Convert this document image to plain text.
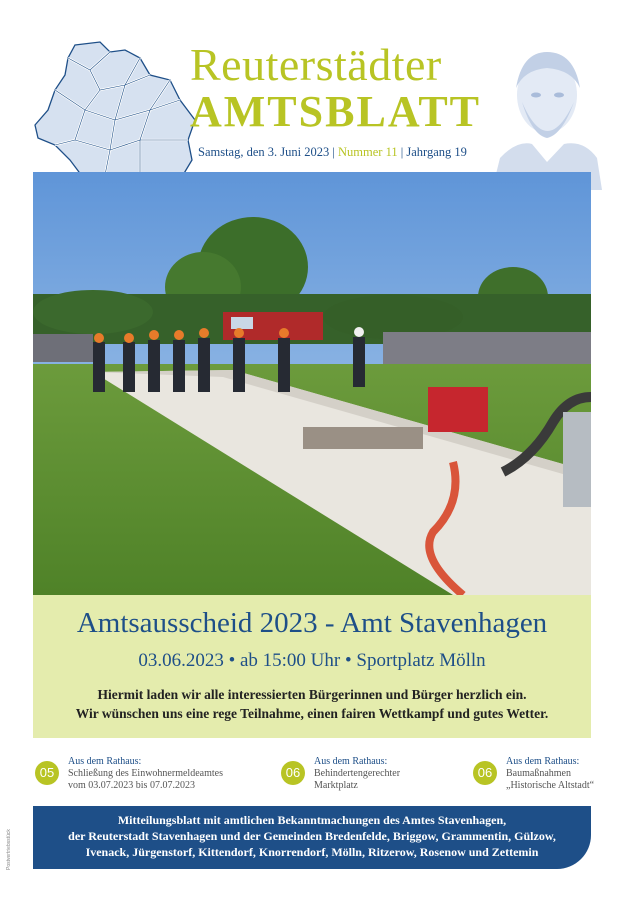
Reuterstädter
AMTSBLATT
Samstag, den 3. Juni 2023 | Nummer 11 | Jahrgang 19
Amtsausscheid 2023 - Amt Stavenhagen
03.06.2023 • ab 15:00 Uhr • Sportplatz Mölln
Hiermit laden wir alle interessierten Bürgerinnen und Bürger herzlich ein.
Wir wünschen uns eine rege Teilnahme, einen fairen Wettkampf und gutes Wetter.
05
Aus dem Rathaus:
Schließung des Einwohnermeldeamtes
vom 03.07.2023 bis 07.07.2023
06
Aus dem Rathaus:
Behindertengerechter
Marktplatz
06
Aus dem Rathaus:
Baumaßnahmen
„Historische Altstadt“
Mitteilungsblatt mit amtlichen Bekanntmachungen des Amtes Stavenhagen,
der Reuterstadt Stavenhagen und der Gemeinden Bredenfelde, Briggow, Grammentin, Gülzow,
Ivenack, Jürgenstorf, Kittendorf, Knorrendorf, Mölln, Ritzerow, Rosenow und Zettemin
Postvertriebsstück
